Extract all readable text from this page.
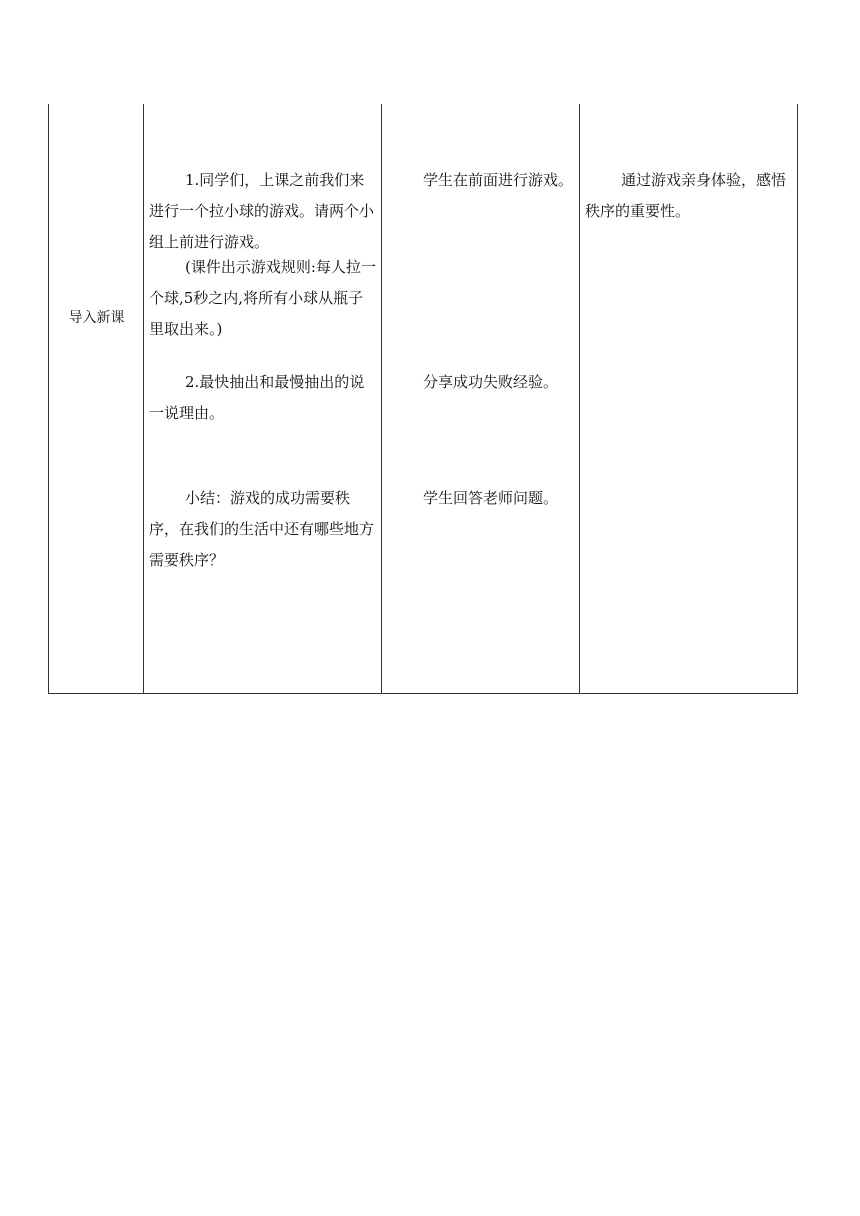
导入新课

1.同学们，上课之前我们来进行一个拉小球的游戏。请两个小组上前进行游戏。

(课件出示游戏规则:每人拉一个球,5秒之内,将所有小球从瓶子里取出来。)

2.最快抽出和最慢抽出的说一说理由。

小结：游戏的成功需要秩序，在我们的生活中还有哪些地方需要秩序？

学生在前面进行游戏。

分享成功失败经验。

学生回答老师问题。

通过游戏亲身体验，感悟秩序的重要性。
